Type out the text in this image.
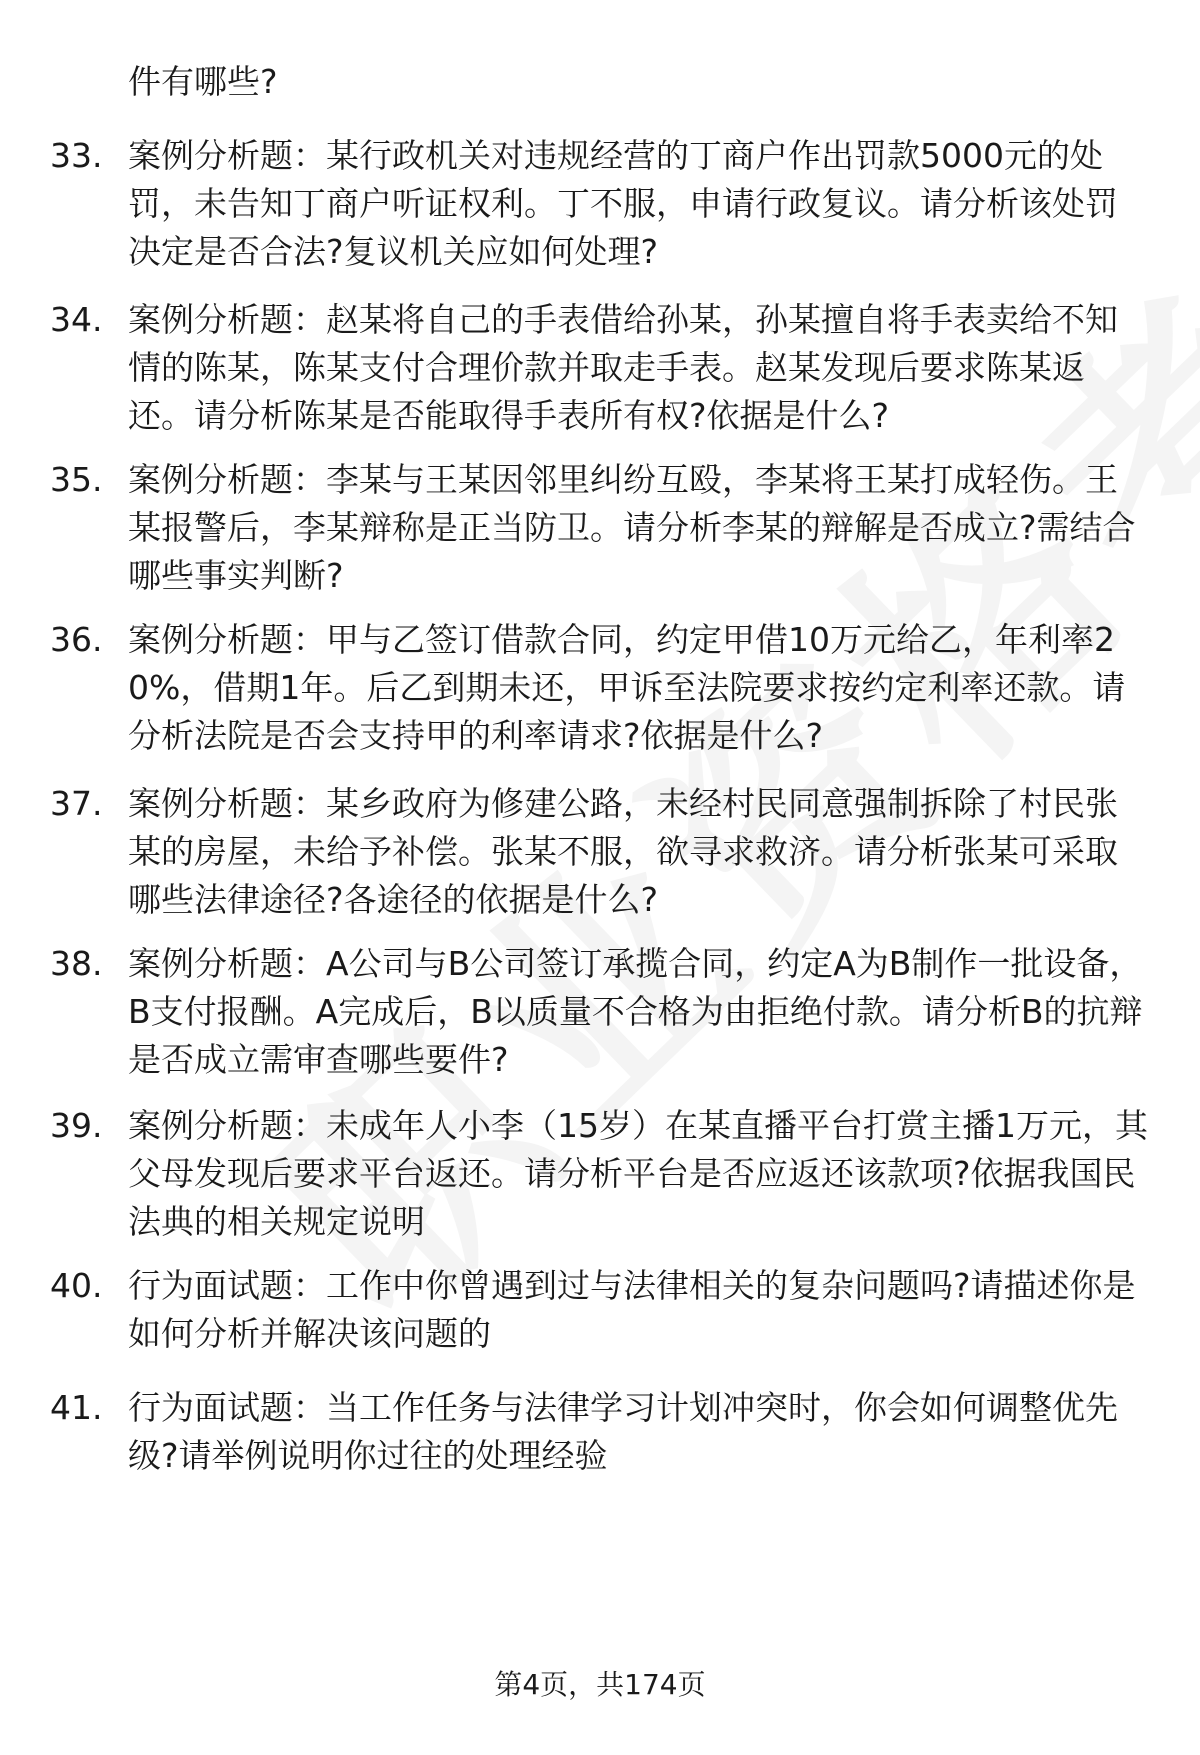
件有哪些?
33. 案例分析题：某行政机关对违规经营的丁商户作出罚款5000元的处罚，未告知丁商户听证权利。丁不服，申请行政复议。请分析该处罚决定是否合法?复议机关应如何处理?
34. 案例分析题：赵某将自己的手表借给孙某，孙某擅自将手表卖给不知情的陈某，陈某支付合理价款并取走手表。赵某发现后要求陈某返还。请分析陈某是否能取得手表所有权?依据是什么?
35. 案例分析题：李某与王某因邻里纠纷互殴，李某将王某打成轻伤。王某报警后，李某辩称是正当防卫。请分析李某的辩解是否成立?需结合哪些事实判断?
36. 案例分析题：甲与乙签订借款合同，约定甲借10万元给乙，年利率20%，借期1年。后乙到期未还，甲诉至法院要求按约定利率还款。请分析法院是否会支持甲的利率请求?依据是什么?
37. 案例分析题：某乡政府为修建公路，未经村民同意强制拆除了村民张某的房屋，未给予补偿。张某不服，欲寻求救济。请分析张某可采取哪些法律途径?各途径的依据是什么?
38. 案例分析题：A公司与B公司签订承揽合同，约定A为B制作一批设备，B支付报酬。A完成后，B以质量不合格为由拒绝付款。请分析B的抗辩是否成立需审查哪些要件?
39. 案例分析题：未成年人小李（15岁）在某直播平台打赏主播1万元，其父母发现后要求平台返还。请分析平台是否应返还该款项?依据我国民法典的相关规定说明
40. 行为面试题：工作中你曾遇到过与法律相关的复杂问题吗?请描述你是如何分析并解决该问题的
41. 行为面试题：当工作任务与法律学习计划冲突时，你会如何调整优先级?请举例说明你过往的处理经验
第4页，共174页
